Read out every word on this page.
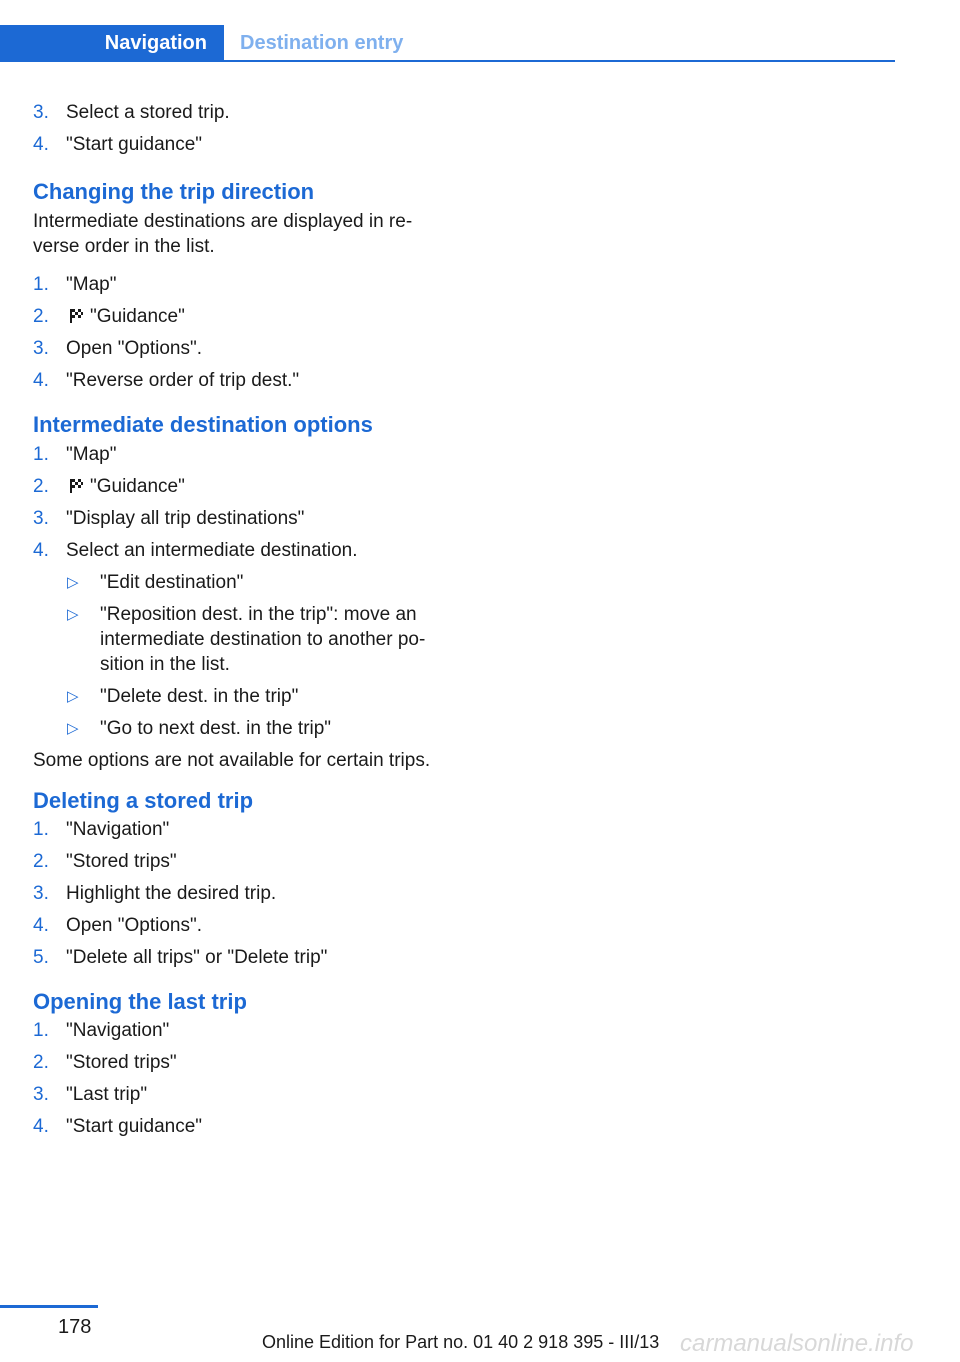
Navigation Destination entry
3. Select a stored trip.
4. "Start guidance"
Changing the trip direction

Intermediate destinations are displayed in re-
verse order in the list.

1. "Map"
2. "Guidance"
3. Open "Options".
4. "Reverse order of trip dest."
Intermediate destination options
1. "Map"
2. "Guidance"
3. "Display all trip destinations"
4. Select an intermediate destination.
▷ "Edit destination"
▷ "Reposition dest. in the trip": move an
intermediate destination to another po-
sition in the list.
▷ "Delete dest. in the trip"
▷ "Go to next dest. in the trip"

Some options are not available for certain trips.

Deleting a stored trip
1. "Navigation"
2. "Stored trips"
3. Highlight the desired trip.
4. Open "Options".
5. "Delete all trips" or "Delete trip"
Opening the last trip
1. "Navigation"
2. "Stored trips"
3. "Last trip"
4. "Start guidance"
178
Online Edition for Part no. 01 40 2 918 395 - III/13 carmanualsonline.info
